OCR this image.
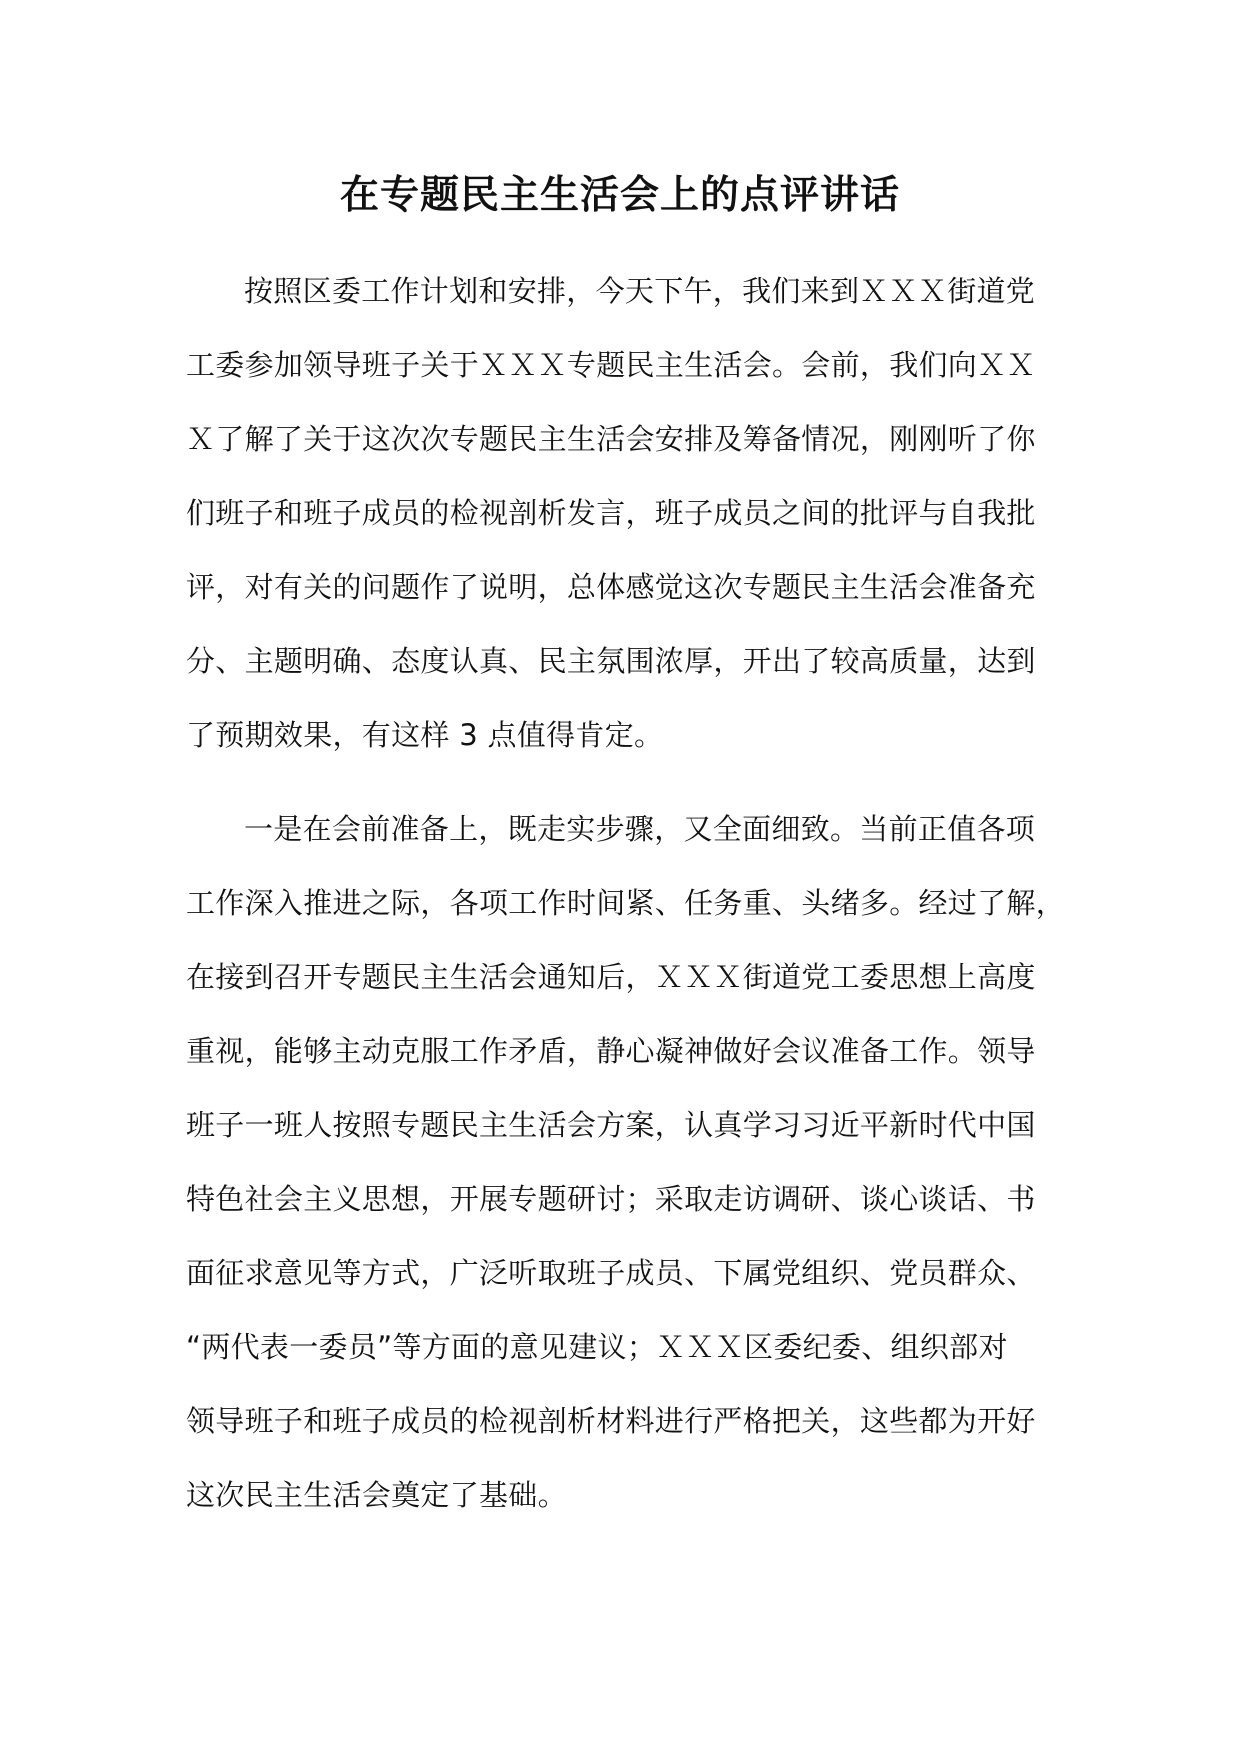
在专题民主生活会上的点评讲话
按照区委工作计划和安排，今天下午，我们来到ＸＸＸ街道党
工委参加领导班子关于ＸＸＸ专题民主生活会。会前，我们向ＸＸ
Ｘ了解了关于这次次专题民主生活会安排及筹备情况，刚刚听了你
们班子和班子成员的检视剖析发言，班子成员之间的批评与自我批
评，对有关的问题作了说明，总体感觉这次专题民主生活会准备充
分、主题明确、态度认真、民主氛围浓厚，开出了较高质量，达到
了预期效果，有这样 3 点值得肯定。
一是在会前准备上，既走实步骤，又全面细致。当前正值各项
工作深入推进之际，各项工作时间紧、任务重、头绪多。经过了解，
在接到召开专题民主生活会通知后，ＸＸＸ街道党工委思想上高度
重视，能够主动克服工作矛盾，静心凝神做好会议准备工作。领导
班子一班人按照专题民主生活会方案，认真学习习近平新时代中国
特色社会主义思想，开展专题研讨；采取走访调研、谈心谈话、书
面征求意见等方式，广泛听取班子成员、下属党组织、党员群众、
“两代表一委员”等方面的意见建议；ＸＸＸ区委纪委、组织部对
领导班子和班子成员的检视剖析材料进行严格把关，这些都为开好
这次民主生活会奠定了基础。
